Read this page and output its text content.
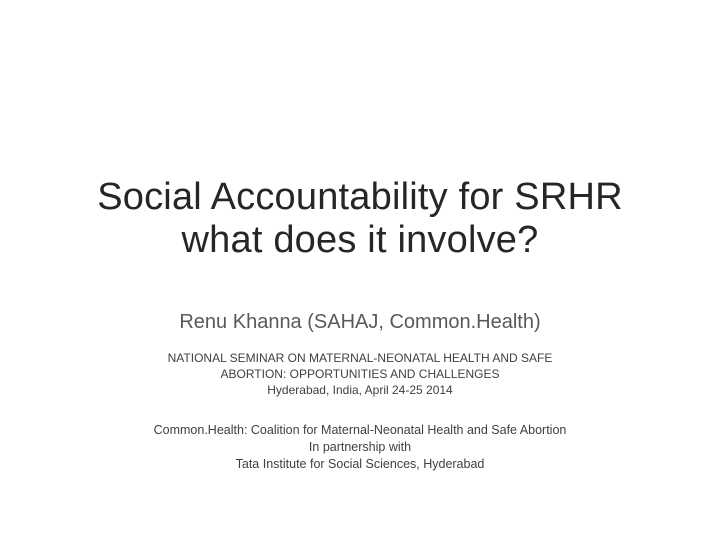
Social Accountability for SRHR
what does it involve?
Renu Khanna (SAHAJ, Common.Health)
NATIONAL SEMINAR ON MATERNAL-NEONATAL HEALTH AND SAFE
ABORTION: OPPORTUNITIES AND CHALLENGES
Hyderabad, India, April 24-25 2014
Common.Health: Coalition for Maternal-Neonatal Health and Safe Abortion
In partnership with
Tata Institute for Social Sciences, Hyderabad
